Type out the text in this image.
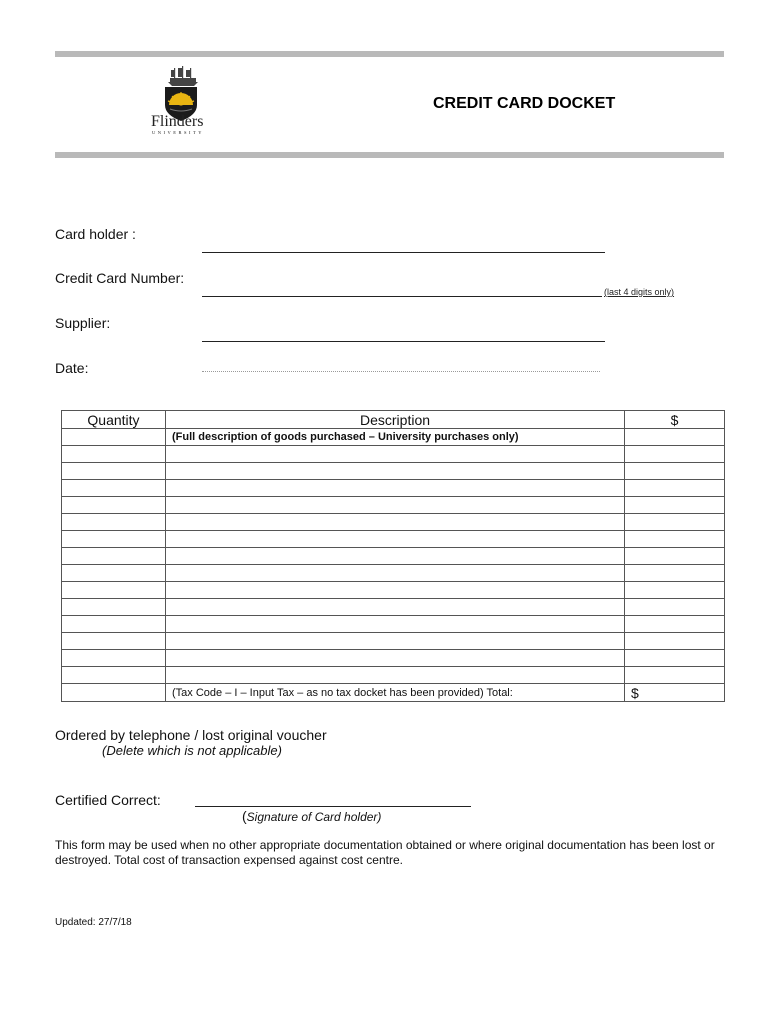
Flinders
UNIVERSITY
CREDIT CARD DOCKET
Card holder :
Credit Card Number:
(last 4 digits only)
Supplier:
Date:
Quantity	Description	$

	(Full description of goods purchased – University purchases only)	

	(Tax Code – I – Input Tax – as no tax docket has been provided) Total:	$
Ordered by telephone / lost original voucher
(Delete which is not applicable)
Certified Correct:
(Signature of Card holder)
This form may be used when no other appropriate documentation obtained or where original documentation has been lost or destroyed. Total cost of transaction expensed against cost centre.
Updated: 27/7/18
